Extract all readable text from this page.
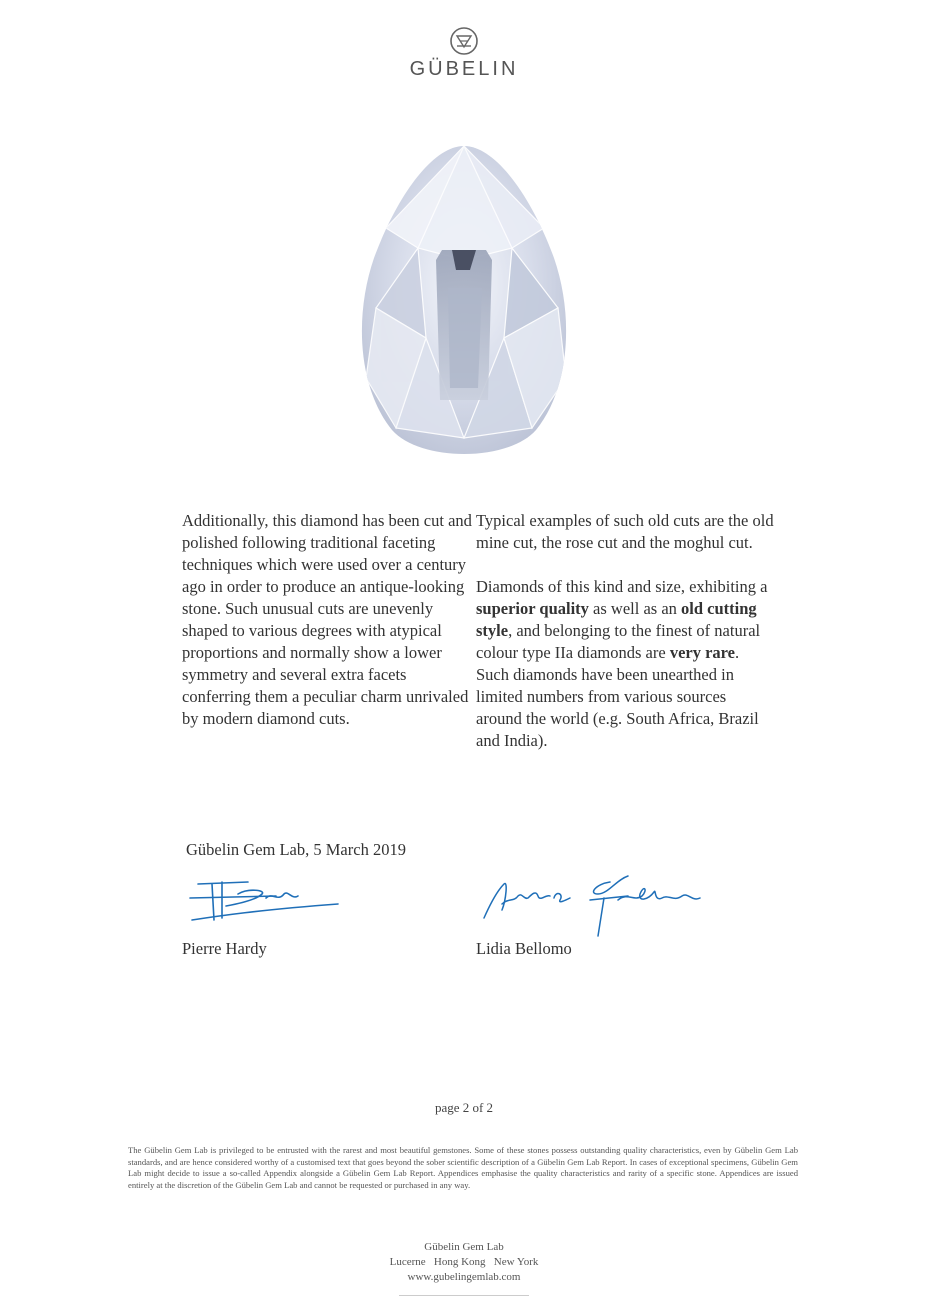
GÜBELIN

Additionally, this diamond has been cut and polished following traditional faceting techniques which were used over a century ago in order to produce an antique-looking stone. Such unusual cuts are unevenly shaped to various degrees with atypical proportions and normally show a lower symmetry and several extra facets conferring them a peculiar charm unrivaled by modern diamond cuts.

Typical examples of such old cuts are the old mine cut, the rose cut and the moghul cut.

Diamonds of this kind and size, exhibiting a superior quality as well as an old cutting style, and belonging to the finest of natural colour type IIa diamonds are very rare.

Such diamonds have been unearthed in limited numbers from various sources around the world (e.g. South Africa, Brazil and India).

Gübelin Gem Lab, 5 March 2019
Pierre Hardy	Lidia Bellomo
page 2 of 2
The Gübelin Gem Lab is privileged to be entrusted with the rarest and most beautiful gemstones. Some of these stones possess outstanding quality characteristics, even by Gübelin Gem Lab standards, and are hence considered worthy of a customised text that goes beyond the sober scientific description of a Gübelin Gem Lab Report. In cases of exceptional specimens, Gübelin Gem Lab might decide to issue a so-called Appendix alongside a Gübelin Gem Lab Report. Appendices emphasise the quality characteristics and rarity of a specific stone. Appendices are issued entirely at the discretion of the Gübelin Gem Lab and cannot be requested or purchased in any way.
Gübelin Gem Lab
Lucerne   Hong Kong   New York
www.gubelingemlab.com
